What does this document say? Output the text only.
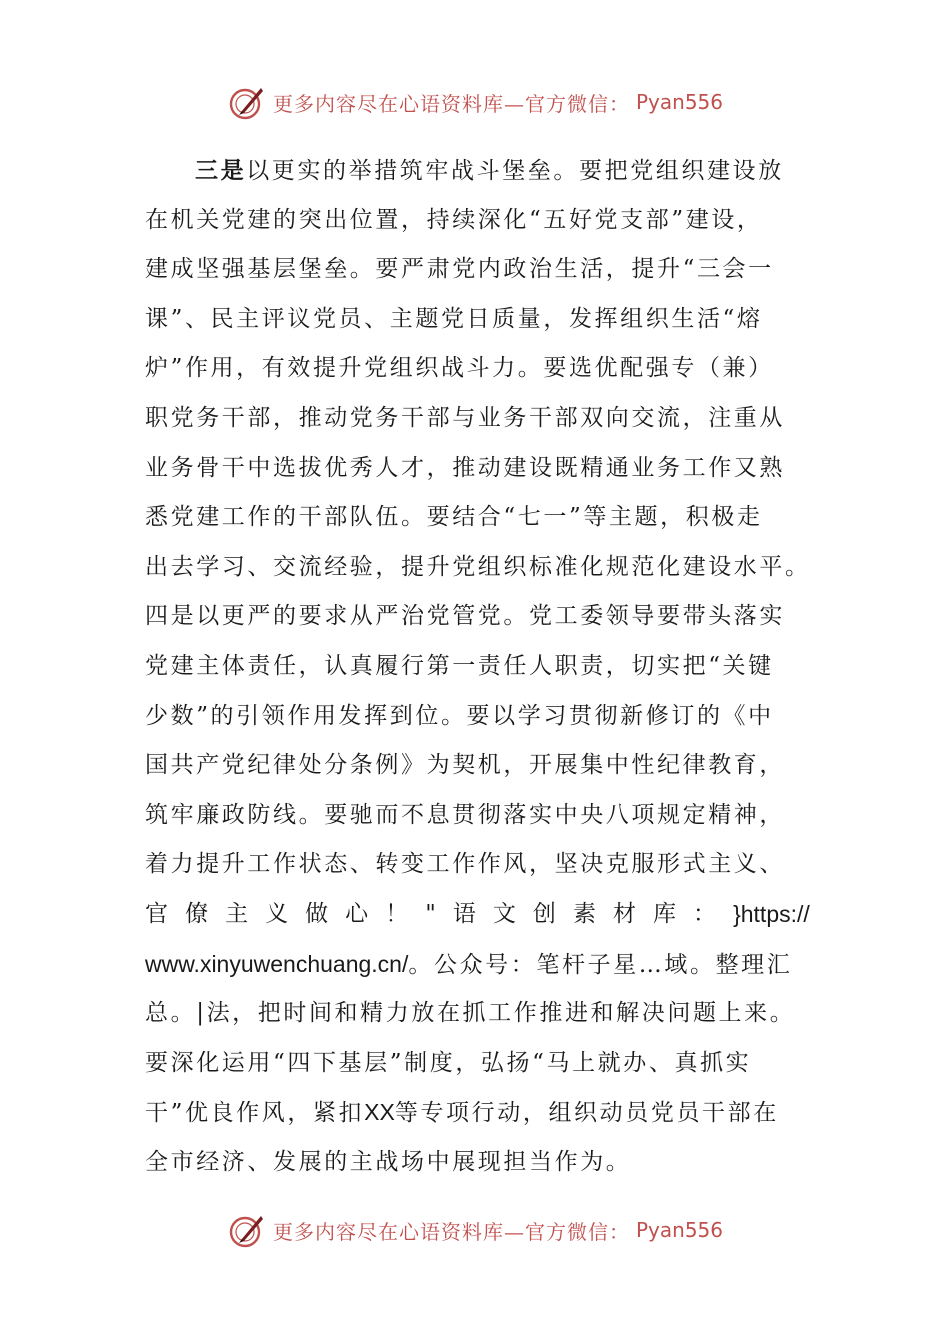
更多内容尽在心语资料库—官方微信： Pyan556
三是以更实的举措筑牢战斗堡垒。要把党组织建设放
在机关党建的突出位置，持续深化“五好党支部”建设，
建成坚强基层堡垒。要严肃党内政治生活，提升“三会一
课”、民主评议党员、主题党日质量，发挥组织生活“熔
炉”作用，有效提升党组织战斗力。要选优配强专（兼）
职党务干部，推动党务干部与业务干部双向交流，注重从
业务骨干中选拔优秀人才，推动建设既精通业务工作又熟
悉党建工作的干部队伍。要结合“七一”等主题，积极走
出去学习、交流经验，提升党组织标准化规范化建设水平。
四是以更严的要求从严治党管党。党工委领导要带头落实
党建主体责任，认真履行第一责任人职责，切实把“关键
少数”的引领作用发挥到位。要以学习贯彻新修订的《中
国共产党纪律处分条例》为契机，开展集中性纪律教育，
筑牢廉政防线。要驰而不息贯彻落实中央八项规定精神，
着力提升工作状态、转变工作作风，坚决克服形式主义、
官 僚 主 义 做 心 ！ " 语 文 创 素 材 库 ： }https://
www.xinyuwenchuang.cn/。公众号：笔杆子星…域。整理汇
总。|法，把时间和精力放在抓工作推进和解决问题上来。
要深化运用“四下基层”制度，弘扬“马上就办、真抓实
干”优良作风，紧扣XX等专项行动，组织动员党员干部在
全市经济、发展的主战场中展现担当作为。
更多内容尽在心语资料库—官方微信： Pyan556
